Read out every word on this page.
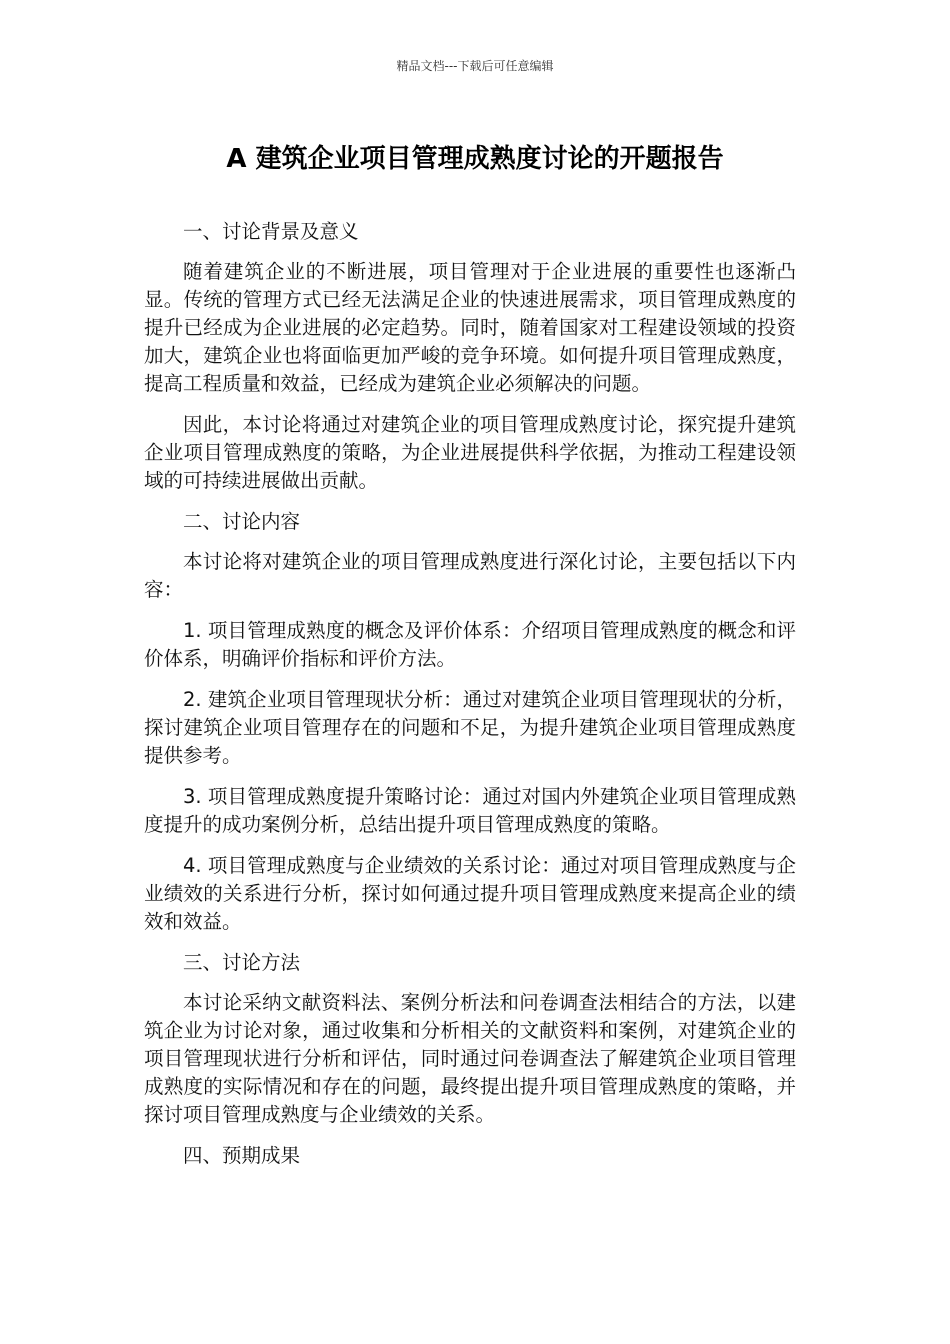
精品文档---下载后可任意编辑
A 建筑企业项目管理成熟度讨论的开题报告

一、讨论背景及意义

随着建筑企业的不断进展，项目管理对于企业进展的重要性也逐渐凸显。传统的管理方式已经无法满足企业的快速进展需求，项目管理成熟度的提升已经成为企业进展的必定趋势。同时，随着国家对工程建设领域的投资加大，建筑企业也将面临更加严峻的竞争环境。如何提升项目管理成熟度，提高工程质量和效益，已经成为建筑企业必须解决的问题。

因此，本讨论将通过对建筑企业的项目管理成熟度讨论，探究提升建筑企业项目管理成熟度的策略，为企业进展提供科学依据，为推动工程建设领域的可持续进展做出贡献。

二、讨论内容

本讨论将对建筑企业的项目管理成熟度进行深化讨论，主要包括以下内容：

1. 项目管理成熟度的概念及评价体系：介绍项目管理成熟度的概念和评价体系，明确评价指标和评价方法。

2. 建筑企业项目管理现状分析：通过对建筑企业项目管理现状的分析，探讨建筑企业项目管理存在的问题和不足，为提升建筑企业项目管理成熟度提供参考。

3. 项目管理成熟度提升策略讨论：通过对国内外建筑企业项目管理成熟度提升的成功案例分析，总结出提升项目管理成熟度的策略。

4. 项目管理成熟度与企业绩效的关系讨论：通过对项目管理成熟度与企业绩效的关系进行分析，探讨如何通过提升项目管理成熟度来提高企业的绩效和效益。

三、讨论方法

本讨论采纳文献资料法、案例分析法和问卷调查法相结合的方法，以建筑企业为讨论对象，通过收集和分析相关的文献资料和案例，对建筑企业的项目管理现状进行分析和评估，同时通过问卷调查法了解建筑企业项目管理成熟度的实际情况和存在的问题，最终提出提升项目管理成熟度的策略，并探讨项目管理成熟度与企业绩效的关系。

四、预期成果
